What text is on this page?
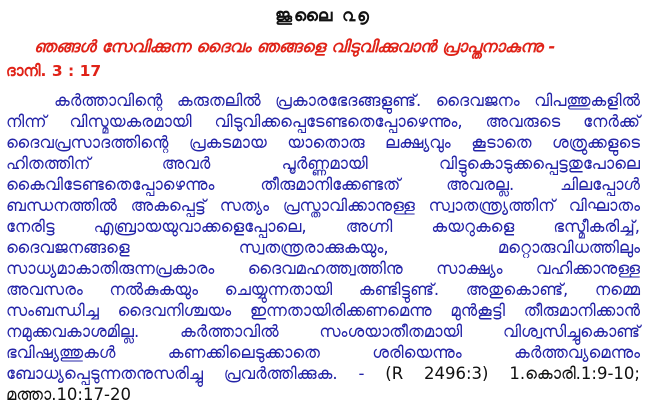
ജൂലൈ ൨൭

ഞങ്ങൾ സേവിക്കുന്ന ദൈവം ഞങ്ങളെ വിടുവിക്കുവാൻ പ്രാപ്തനാകുന്നു -

ദാനി. 3 : 17

കർത്താവിന്റെ കരുതലിൽ പ്രകാരഭേദങ്ങളുണ്ട്. ദൈവജനം വിപത്തുകളിൽ നിന്ന് വിസ്മയകരമായി വിടുവിക്കപ്പെടേണ്ടതെപ്പോഴെന്നും, അവരുടെ നേർക്ക് ദൈവപ്രസാദത്തിന്റെ പ്രകടമായ യാതൊരു ലക്ഷ്യവും കൂടാതെ ശത്രുക്കളുടെ ഹിതത്തിന് അവർ പൂർണ്ണമായി വിട്ടുകൊടുക്കപ്പെട്ടതുപോലെ കൈവിടേണ്ടതെപ്പോഴെന്നും തീരുമാനിക്കേണ്ടത് അവരല്ല. ചിലപ്പോൾ ബന്ധനത്തിൽ അകപ്പെട്ട് സത്യം പ്രസ്താവിക്കാനുള്ള സ്വാതന്ത്ര്യത്തിന് വിഘാതം നേരിട്ട എബ്രായയുവാക്കളെപ്പോലെ, അഗ്നി കയറുകളെ ഭസ്മീകരിച്ച്, ദൈവജനങ്ങളെ സ്വതന്ത്രരാക്കുകയും, മറ്റൊരുവിധത്തിലും സാധ്യമാകാതിരുന്നപ്രകാരം ദൈവമഹത്ത്വത്തിനു സാക്ഷ്യം വഹിക്കാനുള്ള അവസരം നൽകുകയും ചെയ്യുന്നതായി കണ്ടിട്ടുണ്ട്. അതുകൊണ്ട്, നമ്മെ സംബന്ധിച്ച ദൈവനിശ്ചയം ഇന്നതായിരിക്കണമെന്നു മുൻകൂട്ടി തീരുമാനിക്കാൻ നമുക്കവകാശമില്ല. കർത്താവിൽ സംശയാതീതമായി വിശ്വസിച്ചുകൊണ്ട് ഭവിഷ്യത്തുകൾ കണക്കിലെടുക്കാതെ ശരിയെന്നും കർത്തവ്യമെന്നും ബോധ്യപ്പെടുന്നതനുസരിച്ചു പ്രവർത്തിക്കുക. - (R 2496:3) 1.കൊരി.1:9-10; മത്താ.10:17-20
